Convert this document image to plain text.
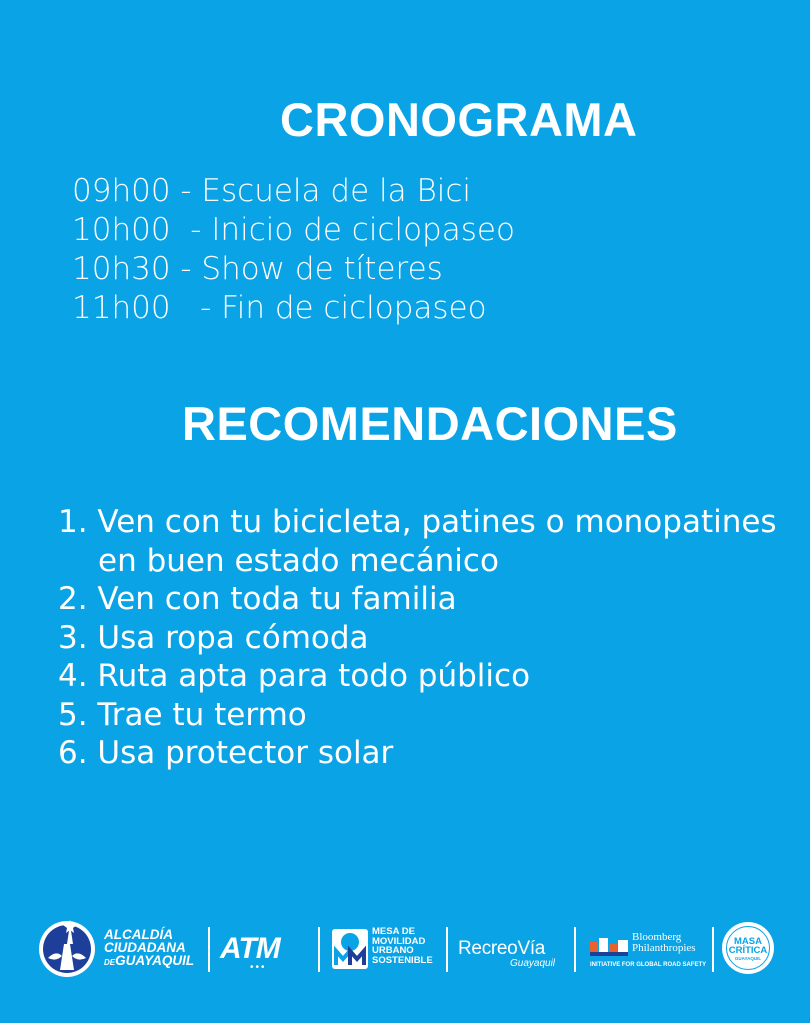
CRONOGRAMA
09h00 - Escuela de la Bici
10h00  - Inicio de ciclopaseo
10h30 - Show de títeres
11h00   - Fin de ciclopaseo
RECOMENDACIONES
1. Ven con tu bicicleta, patines o monopatines
en buen estado mecánico
2. Ven con toda tu familia
3. Usa ropa cómoda
4. Ruta apta para todo público
5. Trae tu termo
6. Usa protector solar
ALCALDÍA
CIUDADANA
DEGUAYAQUIL ATM
•••
MESA DE
MOVILIDAD
URBANO
SOSTENIBLE
RecreoVía
Guayaquil
Bloomberg
Philanthropies
INITIATIVE FOR GLOBAL ROAD SAFETY
MASA
CRÍTICA
GUAYAQUIL
